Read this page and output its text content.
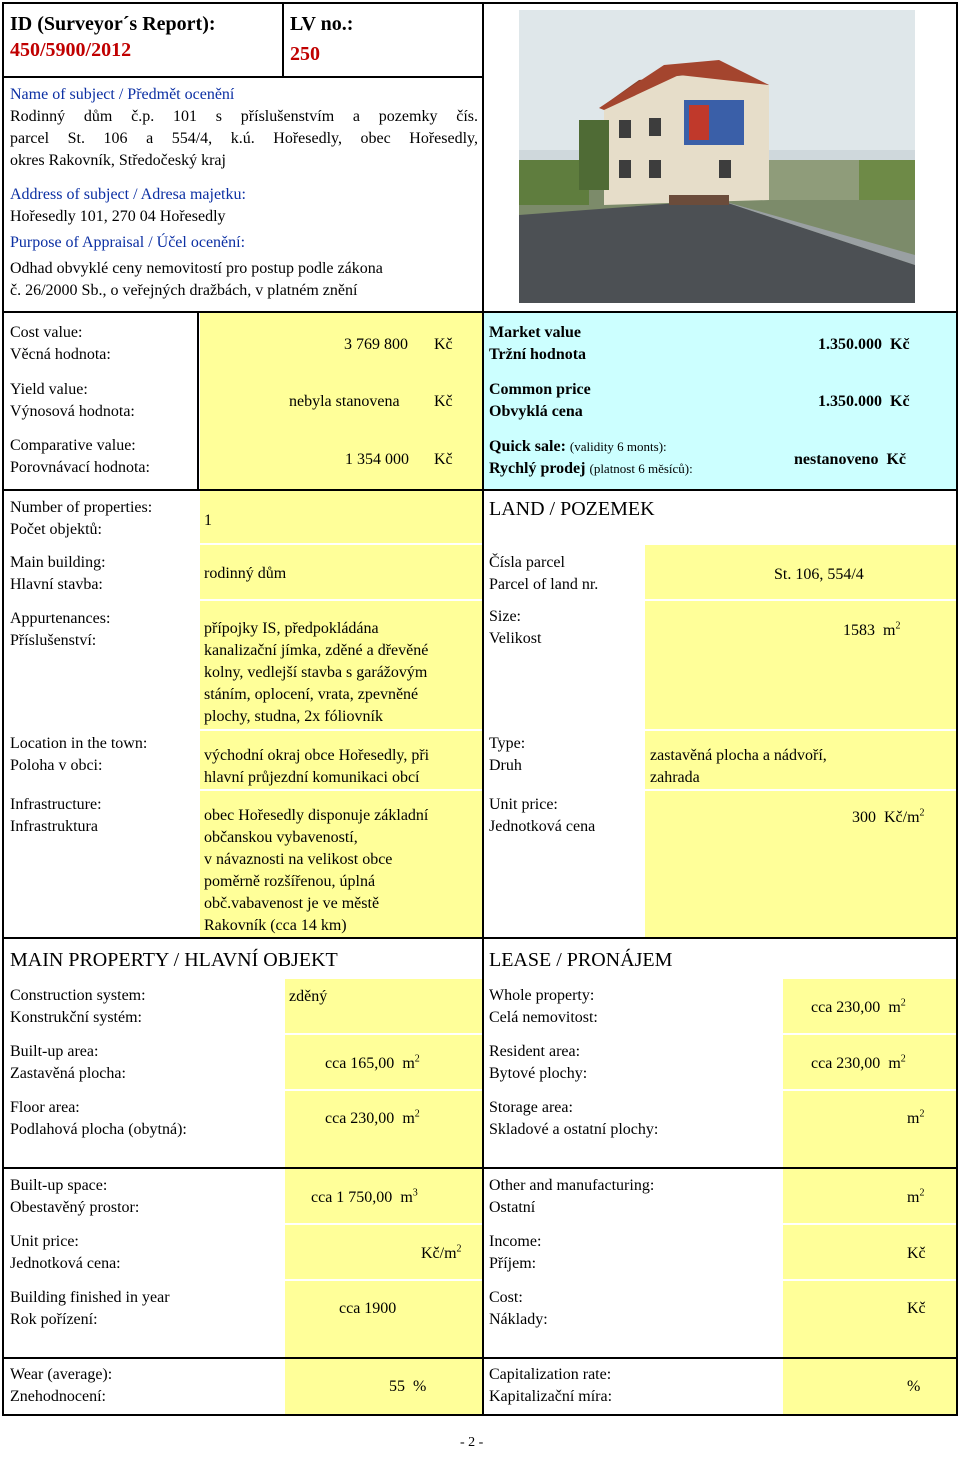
ID (Surveyor´s Report):
450/5900/2012
LV no.:
250
Name of subject / Předmět ocenění
Rodinný dům č.p. 101 s příslušenstvím a pozemky čís.
parcel St. 106 a 554/4, k.ú. Hořesedly, obec Hořesedly,
okres Rakovník, Středočeský kraj
Address of subject / Adresa majetku:
Hořesedly 101, 270 04 Hořesedly
Purpose of Appraisal / Účel ocenění:
Odhad obvyklé ceny nemovitostí pro postup podle zákona
č. 26/2000 Sb., o veřejných dražbách, v platném znění
Cost value:
Věcná hodnota:
3 769 800 Kč
Yield value:
Výnosová hodnota:
nebyla stanovena Kč
Comparative value:
Porovnávací hodnota:	1 354 000 Kč
Market value
Tržní hodnota
1.350.000 Kč
Common price
Obvyklá cena
1.350.000 Kč
Quick sale: (validity 6 monts):
Rychlý prodej (platnost 6 měsíců):
nestanoveno Kč
Number of properties:
Počet objektů:
1
Main building:
Hlavní stavba:
rodinný dům
Appurtenances:
Příslušenství:
přípojky IS, předpokládána
kanalizační jímka, zděné a dřevěné
kolny, vedlejší stavba s garážovým
stáním, oplocení, vrata, zpevněné
plochy, studna, 2x fóliovník
Location in the town:
Poloha v obci:
východní okraj obce Hořesedly, při
hlavní průjezdní komunikaci obcí
Infrastructure:
Infrastruktura
obec Hořesedly disponuje základní
občanskou vybaveností,
v návaznosti na velikost obce
poměrně rozšířenou, úplná
obč.vabavenost je ve městě
Rakovník (cca 14 km)
LAND / POZEMEK
Čísla parcel
Parcel of land nr.
St. 106, 554/4
Size:
Velikost	1583 $m^2$
Type:
Druh
zastavěná plocha a nádvoří,
zahrada
Unit price:
Jednotková cena
300 $Kč/m^2$
MAIN PROPERTY / HLAVNÍ OBJEKT
Construction system:
Konstrukční systém:
zděný
Built-up area:
Zastavěná plocha:
cca 165,00 $m^2$
Floor area:
Podlahová plocha (obytná):
cca 230,00 $m^2$
Built-up space:
Obestavěný prostor:
cca 1 750,00 $m^3$
Unit price:
Jednotková cena:
$Kč/m^2$
Building finished in year
Rok pořízení:
cca 1900
Wear (average):
Znehodnocení:
55 %
LEASE / PRONÁJEM
Whole property:
Celá nemovitost:
cca 230,00 $m^2$
Resident area:
Bytové plochy:
cca 230,00 $m^2$
Storage area:
Skladové a ostatní plochy:
$m^2$
Other and manufacturing:
Ostatní
$m^2$
Income:
Příjem:
Kč
Cost:
Náklady:
Kč
Capitalization rate:
Kapitalizační míra:
%
- 2 -
